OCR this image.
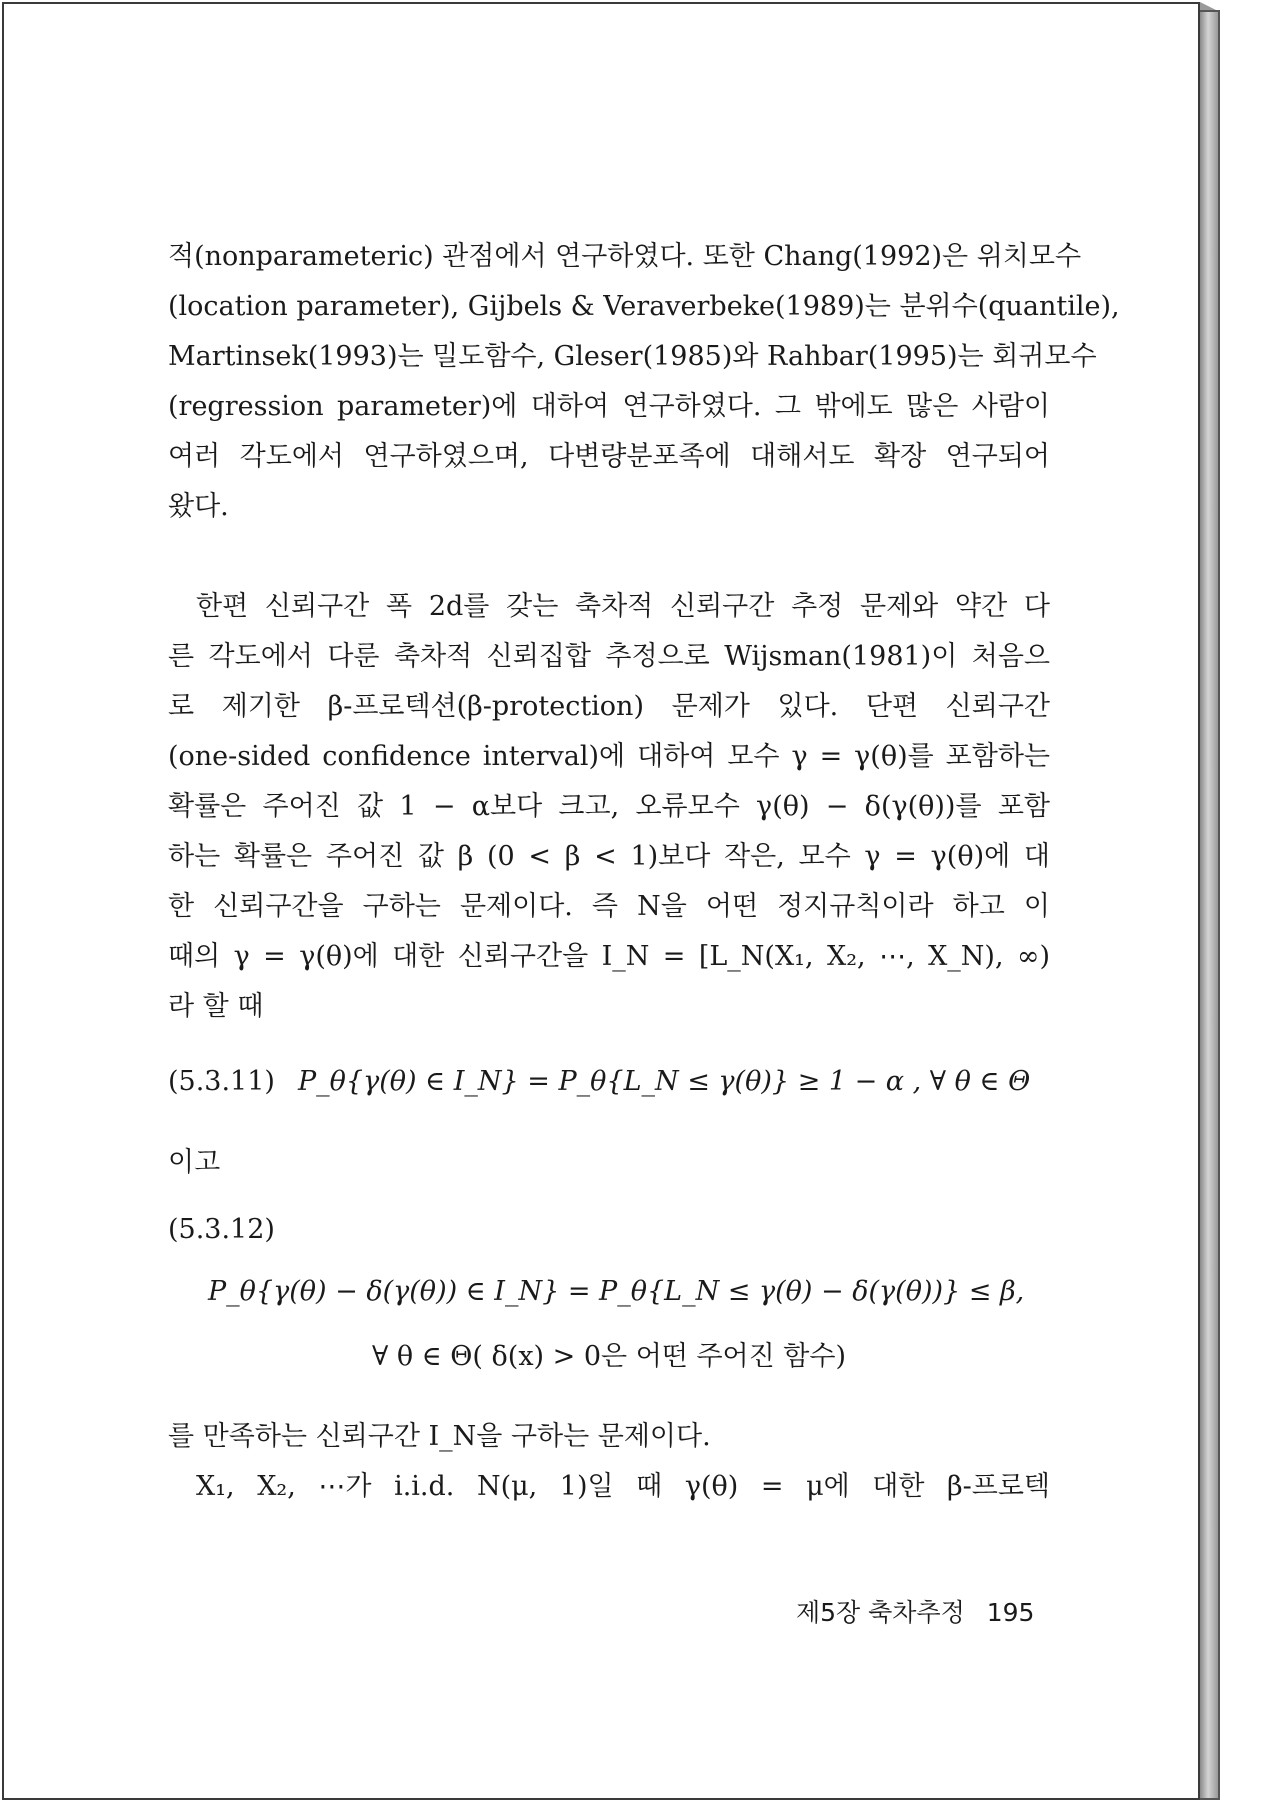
적(nonparameteric) 관점에서 연구하였다. 또한 Chang(1992)은 위치모수
(location parameter), Gijbels & Veraverbeke(1989)는 분위수(quantile),
Martinsek(1993)는 밀도함수, Gleser(1985)와 Rahbar(1995)는 회귀모수
(regression parameter)에 대하여 연구하였다. 그 밖에도 많은 사람이
여러 각도에서 연구하였으며, 다변량분포족에 대해서도 확장 연구되어
왔다.
한편 신뢰구간 폭 2d를 갖는 축차적 신뢰구간 추정 문제와 약간 다
른 각도에서 다룬 축차적 신뢰집합 추정으로 Wijsman(1981)이 처음으
로 제기한 β-프로텍션(β-protection) 문제가 있다. 단편 신뢰구간
(one-sided confidence interval)에 대하여 모수 γ = γ(θ)를 포함하는
확률은 주어진 값 1 − α보다 크고, 오류모수 γ(θ) − δ(γ(θ))를 포함
하는 확률은 주어진 값 β (0 < β < 1)보다 작은, 모수 γ = γ(θ)에 대
한 신뢰구간을 구하는 문제이다. 즉 N을 어떤 정지규칙이라 하고 이
때의 γ = γ(θ)에 대한 신뢰구간을 I_N = [L_N(X₁, X₂, ⋯, X_N), ∞)
라 할 때
(5.3.11) P_θ{γ(θ) ∈ I_N} = P_θ{L_N ≤ γ(θ)} ≥ 1 − α , ∀ θ ∈ Θ
이고
(5.3.12)
P_θ{γ(θ) − δ(γ(θ)) ∈ I_N} = P_θ{L_N ≤ γ(θ) − δ(γ(θ))} ≤ β,
∀ θ ∈ Θ( δ(x) > 0은 어떤 주어진 함수)
를 만족하는 신뢰구간 I_N을 구하는 문제이다.
X₁, X₂, ⋯가 i.i.d. N(μ, 1)일 때 γ(θ) = μ에 대한 β-프로텍
제5장 축차추정 195
